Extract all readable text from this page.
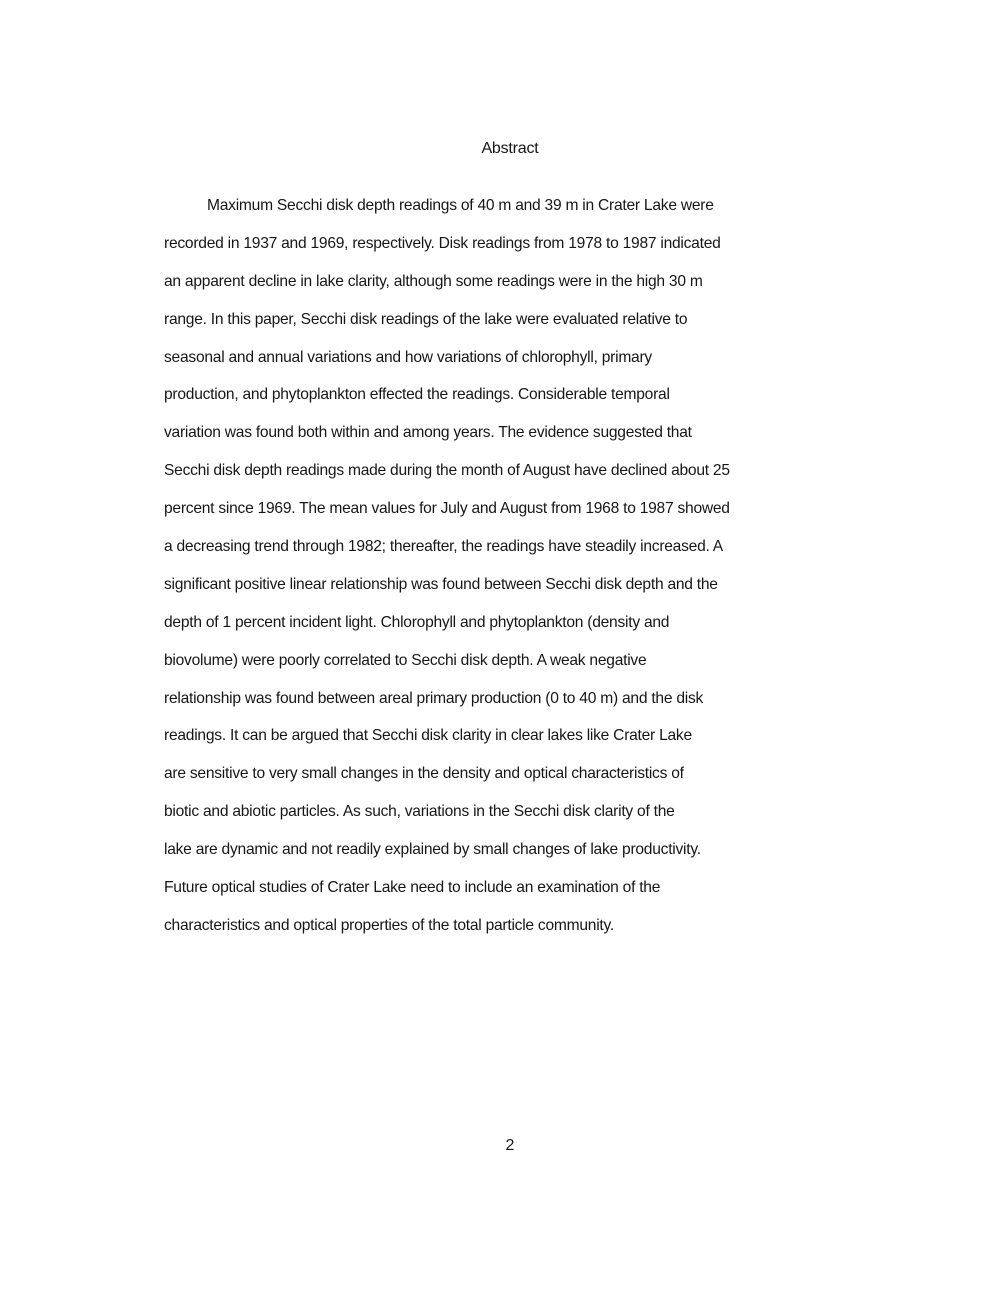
Abstract
Maximum Secchi disk depth readings of 40 m and 39 m in Crater Lake were
recorded in 1937 and 1969, respectively. Disk readings from 1978 to 1987 indicated
an apparent decline in lake clarity, although some readings were in the high 30 m
range. In this paper, Secchi disk readings of the lake were evaluated relative to
seasonal and annual variations and how variations of chlorophyll, primary
production, and phytoplankton effected the readings. Considerable temporal
variation was found both within and among years. The evidence suggested that
Secchi disk depth readings made during the month of August have declined about 25
percent since 1969. The mean values for July and August from 1968 to 1987 showed
a decreasing trend through 1982; thereafter, the readings have steadily increased. A
significant positive linear relationship was found between Secchi disk depth and the
depth of 1 percent incident light. Chlorophyll and phytoplankton (density and
biovolume) were poorly correlated to Secchi disk depth. A weak negative
relationship was found between areal primary production (0 to 40 m) and the disk
readings. It can be argued that Secchi disk clarity in clear lakes like Crater Lake
are sensitive to very small changes in the density and optical characteristics of
biotic and abiotic particles. As such, variations in the Secchi disk clarity of the
lake are dynamic and not readily explained by small changes of lake productivity.
Future optical studies of Crater Lake need to include an examination of the
characteristics and optical properties of the total particle community.
2
